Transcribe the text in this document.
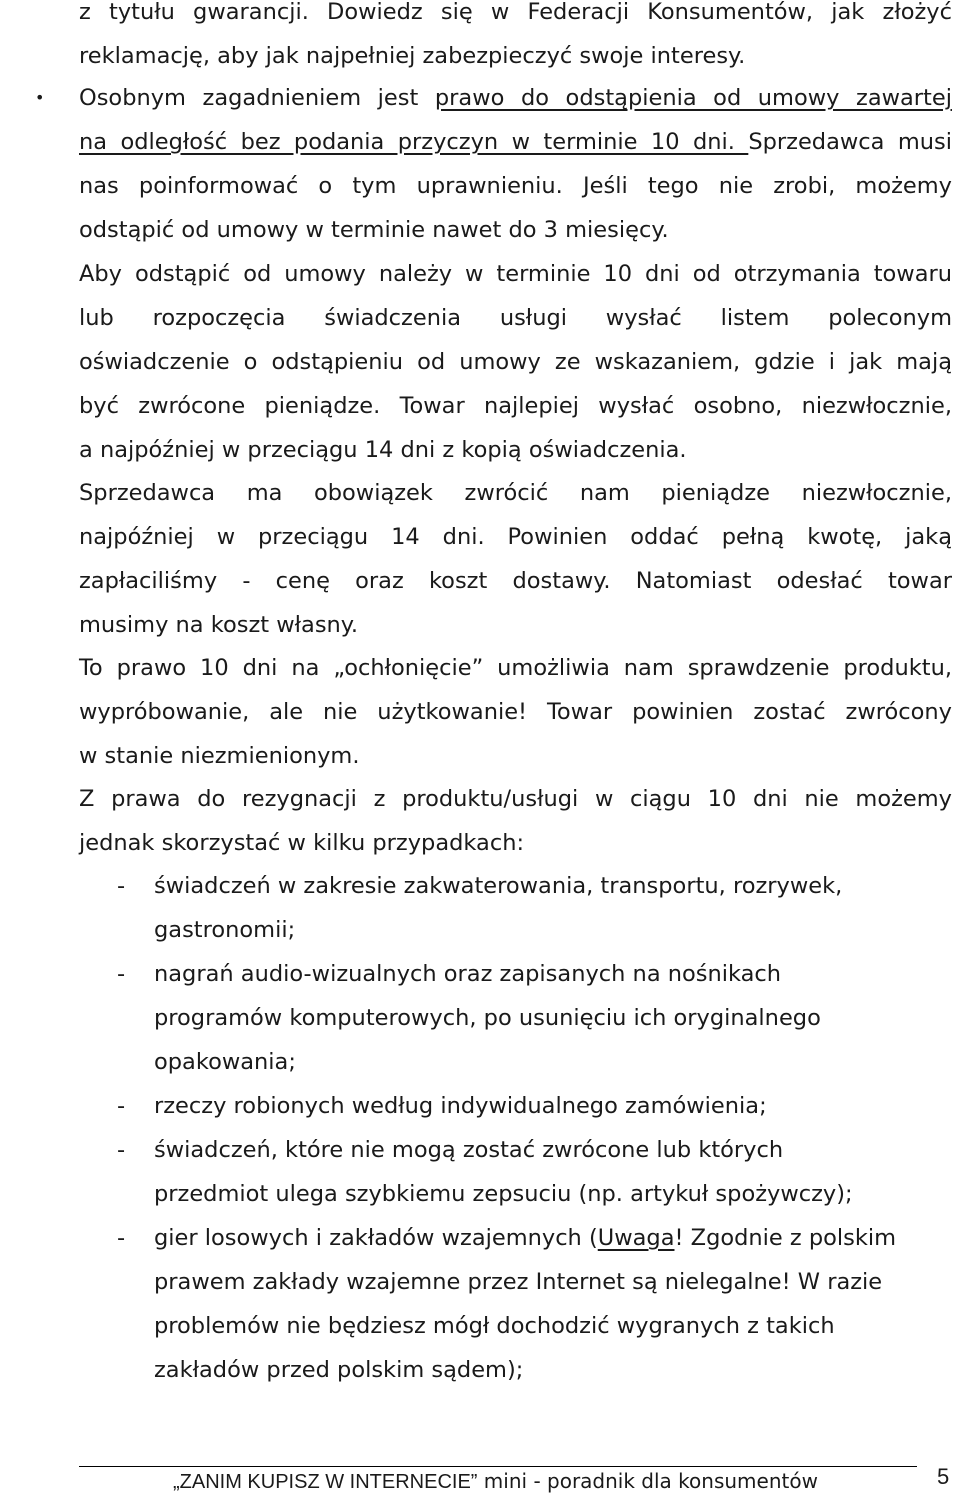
z tytułu gwarancji. Dowiedz się w Federacji Konsumentów, jak złożyć
reklamację, aby jak najpełniej zabezpieczyć swoje interesy.
• Osobnym zagadnieniem jest prawo do odstąpienia od umowy zawartej
na odległość bez podania przyczyn w terminie 10 dni. Sprzedawca musi
nas poinformować o tym uprawnieniu. Jeśli tego nie zrobi, możemy
odstąpić od umowy w terminie nawet do 3 miesięcy.
Aby odstąpić od umowy należy w terminie 10 dni od otrzymania towaru
lub rozpoczęcia świadczenia usługi wysłać listem poleconym
oświadczenie o odstąpieniu od umowy ze wskazaniem, gdzie i jak mają
być zwrócone pieniądze. Towar najlepiej wysłać osobno, niezwłocznie,
a najpóźniej w przeciągu 14 dni z kopią oświadczenia.
Sprzedawca ma obowiązek zwrócić nam pieniądze niezwłocznie,
najpóźniej w przeciągu 14 dni. Powinien oddać pełną kwotę, jaką
zapłaciliśmy - cenę oraz koszt dostawy. Natomiast odesłać towar
musimy na koszt własny.
To prawo 10 dni na „ochłonięcie” umożliwia nam sprawdzenie produktu,
wypróbowanie, ale nie użytkowanie! Towar powinien zostać zwrócony
w stanie niezmienionym.
Z prawa do rezygnacji z produktu/usługi w ciągu 10 dni nie możemy
jednak skorzystać w kilku przypadkach:
- świadczeń w zakresie zakwaterowania, transportu, rozrywek,
gastronomii;
- nagrań audio-wizualnych oraz zapisanych na nośnikach
programów komputerowych, po usunięciu ich oryginalnego
opakowania;
- rzeczy robionych według indywidualnego zamówienia;
- świadczeń, które nie mogą zostać zwrócone lub których
przedmiot ulega szybkiemu zepsuciu (np. artykuł spożywczy);
- gier losowych i zakładów wzajemnych (Uwaga! Zgodnie z polskim
prawem zakłady wzajemne przez Internet są nielegalne! W razie
problemów nie będziesz mógł dochodzić wygranych z takich
zakładów przed polskim sądem);
„ZANIM KUPISZ W INTERNECIE” mini - poradnik dla konsumentów	5
